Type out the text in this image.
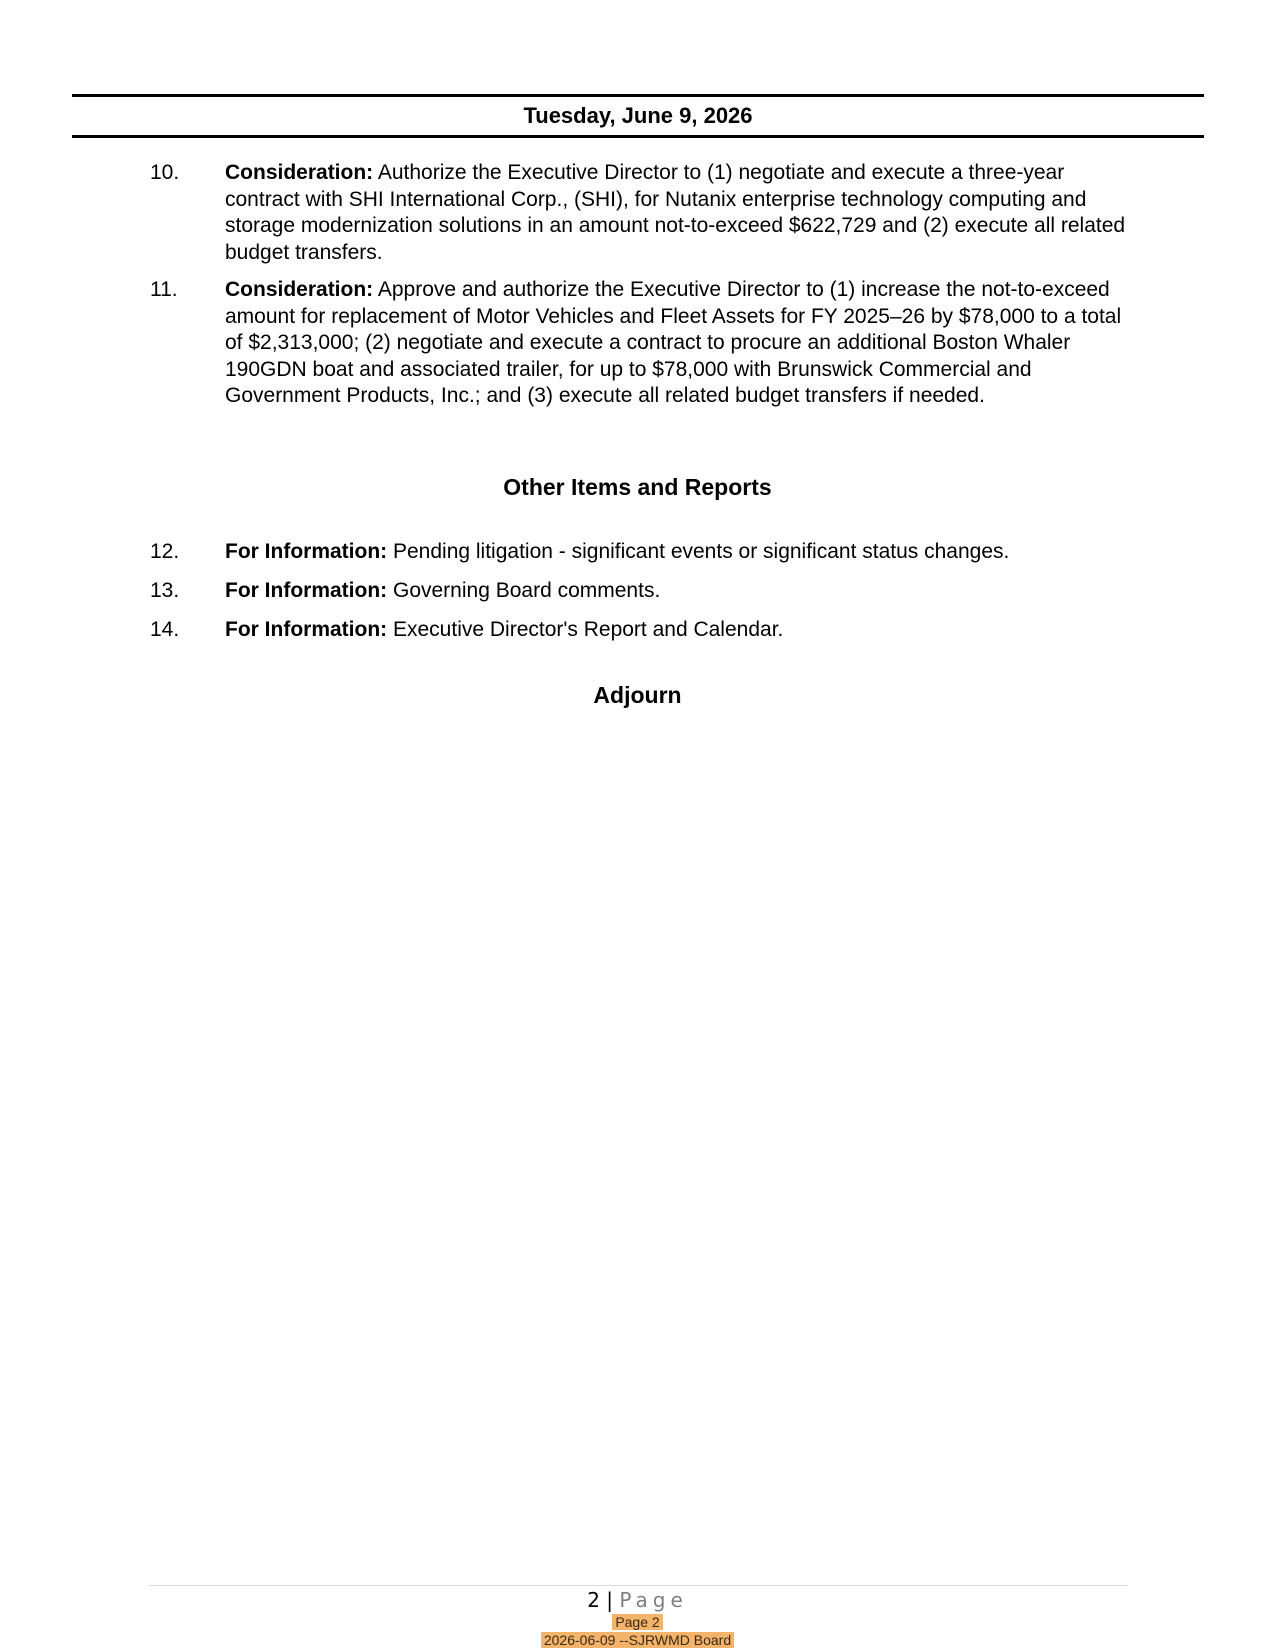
Tuesday, June 9, 2026
10. Consideration: Authorize the Executive Director to (1) negotiate and execute a three-year contract with SHI International Corp., (SHI), for Nutanix enterprise technology computing and storage modernization solutions in an amount not-to-exceed $622,729 and (2) execute all related budget transfers.
11. Consideration: Approve and authorize the Executive Director to (1) increase the not-to-exceed amount for replacement of Motor Vehicles and Fleet Assets for FY 2025–26 by $78,000 to a total of $2,313,000; (2) negotiate and execute a contract to procure an additional Boston Whaler 190GDN boat and associated trailer, for up to $78,000 with Brunswick Commercial and Government Products, Inc.; and (3) execute all related budget transfers if needed.
Other Items and Reports
12. For Information: Pending litigation - significant events or significant status changes.
13. For Information: Governing Board comments.
14. For Information: Executive Director's Report and Calendar.
Adjourn
2 | Page
Page 2
2026-06-09 --SJRWMD Board
